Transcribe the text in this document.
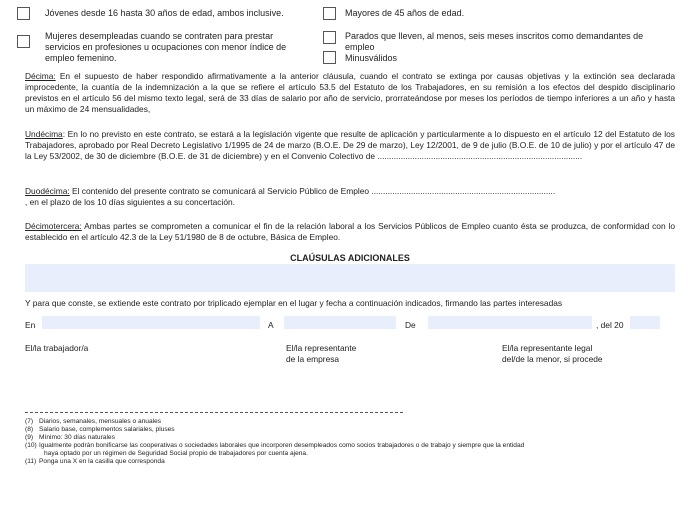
Jóvenes desde 16 hasta 30 años de edad, ambos inclusive.	Mayores de 45 años de edad.
Mujeres desempleadas cuando se contraten para prestar servicios en profesiones u ocupaciones con menor índice de empleo femenino.
Parados que lleven, al menos, seis meses inscritos como demandantes de empleo
Minusválidos
Décima: En el supuesto de haber respondido afirmativamente a la anterior cláusula, cuando el contrato se extinga por causas objetivas y la extinción sea declarada improcedente, la cuantía de la indemnización a la que se refiere el artículo 53.5 del Estatuto de los Trabajadores, en su remisión a los efectos del despido disciplinario previstos en el artículo 56 del mismo texto legal, será de 33 días de salario por año de servicio, prorrateándose por meses los períodos de tiempo inferiores a un año y hasta un máximo de 24 mensualidades,
Undécima: En lo no previsto en este contrato, se estará a la legislación vigente que resulte de aplicación y particularmente a lo dispuesto en el artículo 12 del Estatuto de los Trabajadores, aprobado por Real Decreto Legislativo 1/1995 de 24 de marzo (B.O.E. De 29 de marzo), Ley 12/2001, de 9 de julio (B.O.E. de 10 de julio) y por el artículo 47 de la Ley 53/2002, de 30 de diciembre (B.O.E. de 31 de diciembre) y en el Convenio Colectivo de ........................................................................................
Duodécima: El contenido del presente contrato se comunicará al Servicio Público de Empleo ...............................................................................
, en el plazo de los 10 días siguientes a su concertación.
Décimotercera: Ambas partes se comprometen a comunicar el fin de la relación laboral a los Servicios Públicos de Empleo cuanto ésta se produzca, de conformidad con lo establecido en el artículo 42.3 de la Ley 51/1980 de 8 de octubre, Básica de Empleo.
CLAÚSULAS ADICIONALES
Y para que conste, se extiende este contrato por triplicado ejemplar en el lugar y fecha a continuación indicados, firmando las partes interesadas
En	A	De	, del 20
El/la trabajador/a	El/la representante
de la empresa
El/la representante legal
del/de la menor, si procede
(7) Diarios, semanales, mensuales o anuales
(8) Salario base, complementos salariales, pluses
(9) Mínimo: 30 días naturales
(10) Igualmente podrán bonificarse las cooperativas o sociedades laborales que incorporen desempleados como socios trabajadores o de trabajo y siempre que la entidad
haya optado por un régimen de Seguridad Social propio de trabajadores por cuenta ajena.
(11) Ponga una X en la casilla que corresponda
